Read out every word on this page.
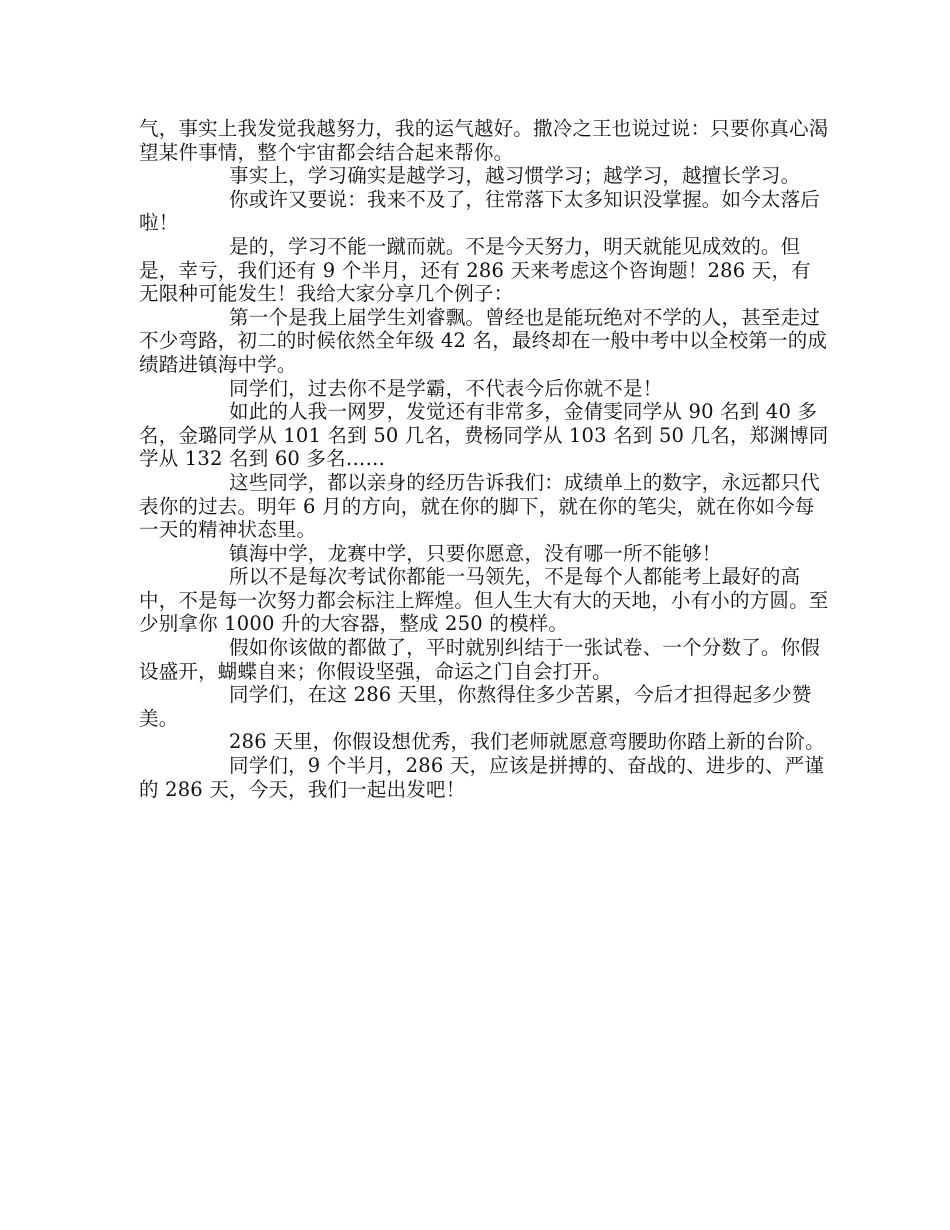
气，事实上我发觉我越努力，我的运气越好。撒冷之王也说过说：只要你真心渴望某件事情，整个宇宙都会结合起来帮你。

事实上，学习确实是越学习，越习惯学习；越学习，越擅长学习。

你或许又要说：我来不及了，往常落下太多知识没掌握。如今太落后啦！

是的，学习不能一蹴而就。不是今天努力，明天就能见成效的。但是，幸亏，我们还有 9 个半月，还有 286 天来考虑这个咨询题！286 天，有无限种可能发生！我给大家分享几个例子：

第一个是我上届学生刘睿飘。曾经也是能玩绝对不学的人，甚至走过不少弯路，初二的时候依然全年级 42 名，最终却在一般中考中以全校第一的成绩踏进镇海中学。

同学们，过去你不是学霸，不代表今后你就不是！

如此的人我一网罗，发觉还有非常多，金倩雯同学从 90 名到 40 多名，金璐同学从 101 名到 50 几名，费杨同学从 103 名到 50 几名，郑渊博同学从 132 名到 60 多名……

这些同学，都以亲身的经历告诉我们：成绩单上的数字，永远都只代表你的过去。明年 6 月的方向，就在你的脚下，就在你的笔尖，就在你如今每一天的精神状态里。

镇海中学，龙赛中学，只要你愿意，没有哪一所不能够！

所以不是每次考试你都能一马领先，不是每个人都能考上最好的高中，不是每一次努力都会标注上辉煌。但人生大有大的天地，小有小的方圆。至少别拿你 1000 升的大容器，整成 250 的模样。

假如你该做的都做了，平时就别纠结于一张试卷、一个分数了。你假设盛开，蝴蝶自来；你假设坚强，命运之门自会打开。

同学们，在这 286 天里，你熬得住多少苦累，今后才担得起多少赞美。

286 天里，你假设想优秀，我们老师就愿意弯腰助你踏上新的台阶。

同学们，9 个半月，286 天，应该是拼搏的、奋战的、进步的、严谨的 286 天，今天，我们一起出发吧！
